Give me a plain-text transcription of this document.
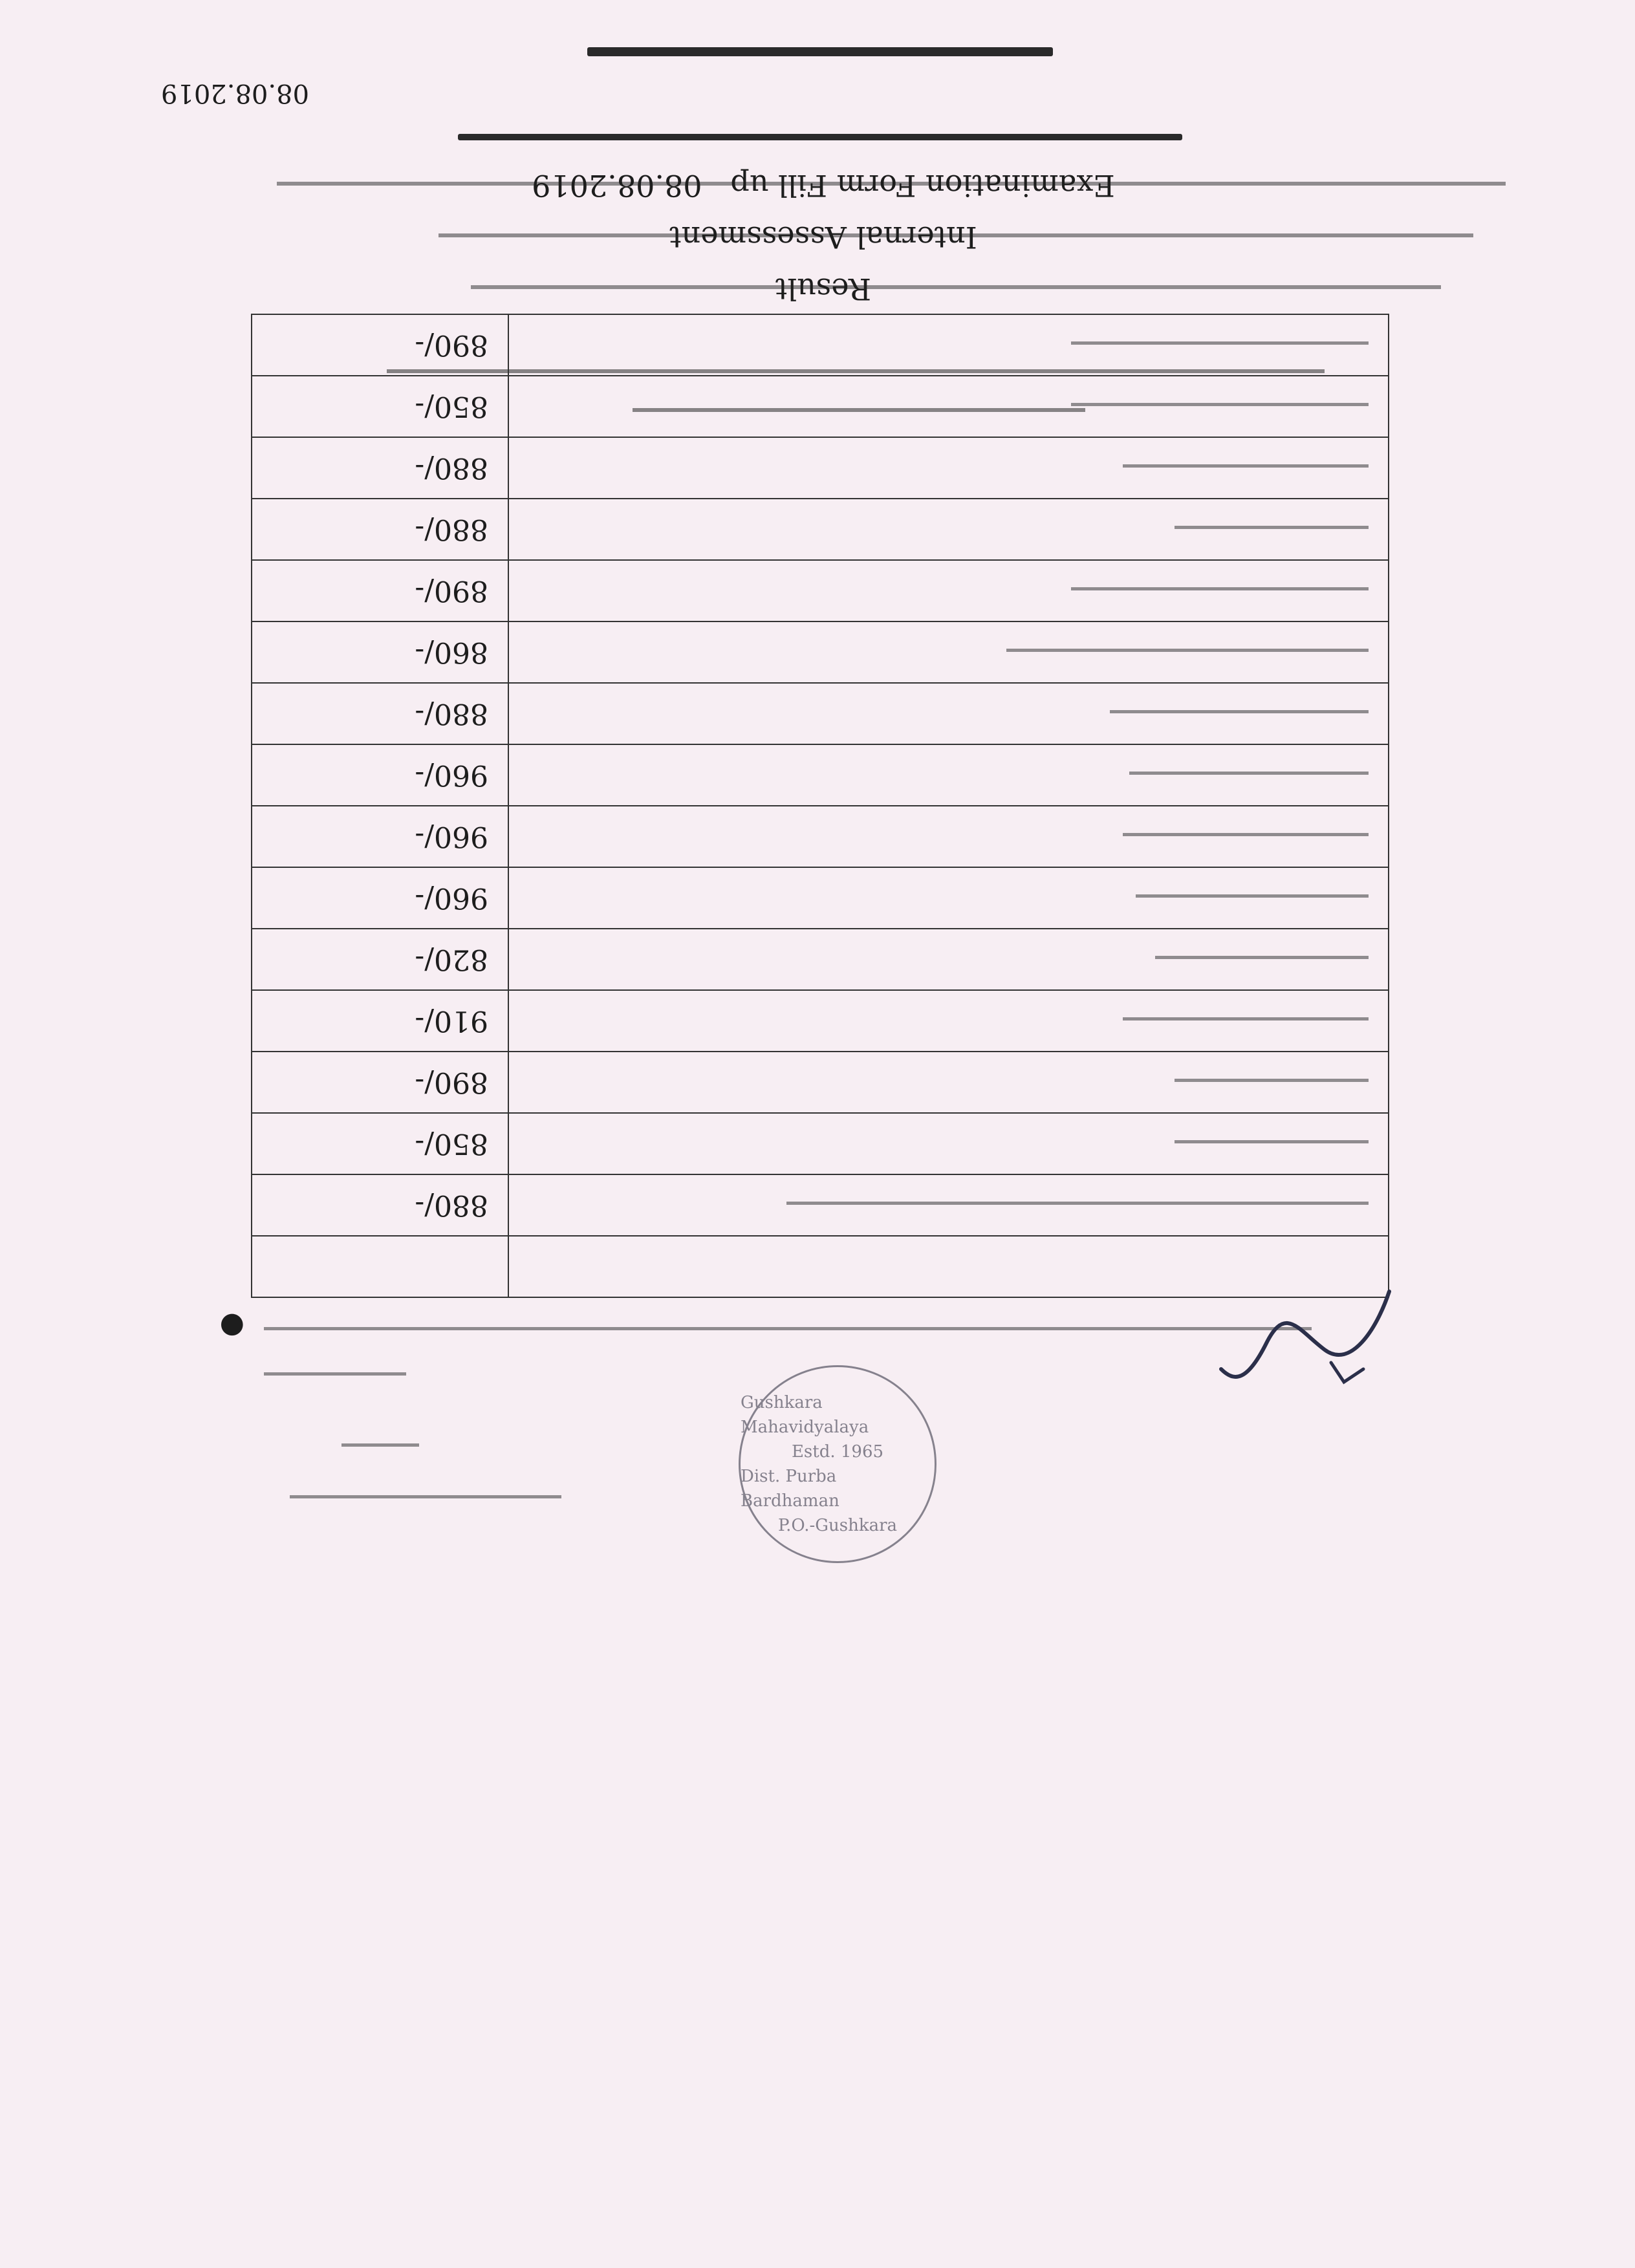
08.08.2019
Examination Form Fill up   08.08.2019
Internal Assessment
Result

	880/-
	850/-
	890/-
	910/-
	820/-
	960/-
	960/-
	960/-
	880/-
	860/-
	890/-
	880/-
	880/-
	850/-
	890/-
●
Gushkara Mahavidyalaya
Estd. 1965
Dist. Purba Bardhaman
P.O.-Gushkara
